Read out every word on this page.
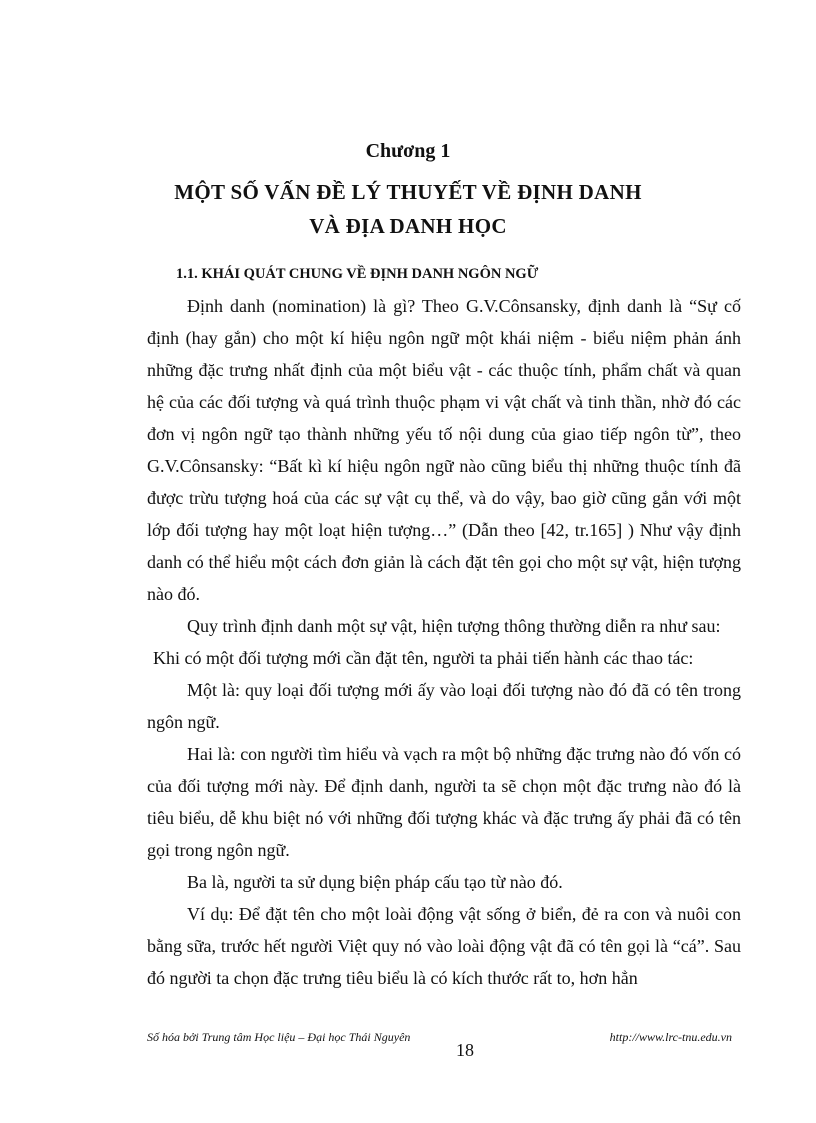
Chương 1
MỘT SỐ VẤN ĐỀ LÝ THUYẾT VỀ ĐỊNH DANH
VÀ ĐỊA DANH HỌC
1.1. KHÁI QUÁT CHUNG VỀ ĐỊNH DANH NGÔN NGỮ

Định danh (nomination) là gì? Theo G.V.Cônsansky, định danh là “Sự cố định (hay gắn) cho một kí hiệu ngôn ngữ một khái niệm - biểu niệm phản ánh những đặc trưng nhất định của một biểu vật - các thuộc tính, phẩm chất và quan hệ của các đối tượng và quá trình thuộc phạm vi vật chất và tinh thần, nhờ đó các đơn vị ngôn ngữ tạo thành những yếu tố nội dung của giao tiếp ngôn từ”, theo G.V.Cônsansky: “Bất kì kí hiệu ngôn ngữ nào cũng biểu thị những thuộc tính đã được trừu tượng hoá của các sự vật cụ thể, và do vậy, bao giờ cũng gắn với một lớp đối tượng hay một loạt hiện tượng…” (Dẫn theo [42, tr.165] ) Như vậy định danh có thể hiểu một cách đơn giản là cách đặt tên gọi cho một sự vật, hiện tượng nào đó.

Quy trình định danh một sự vật, hiện tượng thông thường diễn ra như sau:

Khi có một đối tượng mới cần đặt tên, người ta phải tiến hành các thao tác:

Một là: quy loại đối tượng mới ấy vào loại đối tượng nào đó đã có tên trong ngôn ngữ.

Hai là: con người tìm hiểu và vạch ra một bộ những đặc trưng nào đó vốn có của đối tượng mới này. Để định danh, người ta sẽ chọn một đặc trưng nào đó là tiêu biểu, dễ khu biệt nó với những đối tượng khác và đặc trưng ấy phải đã có tên gọi trong ngôn ngữ.

Ba là, người ta sử dụng biện pháp cấu tạo từ nào đó.

Ví dụ: Để đặt tên cho một loài động vật sống ở biển, đẻ ra con và nuôi con bằng sữa, trước hết người Việt quy nó vào loài động vật đã có tên gọi là “cá”. Sau đó người ta chọn đặc trưng tiêu biểu là có kích thước rất to, hơn hẳn

Số hóa bởi Trung tâm Học liệu – Đại học Thái Nguyên
18
http://www.lrc-tnu.edu.vn
